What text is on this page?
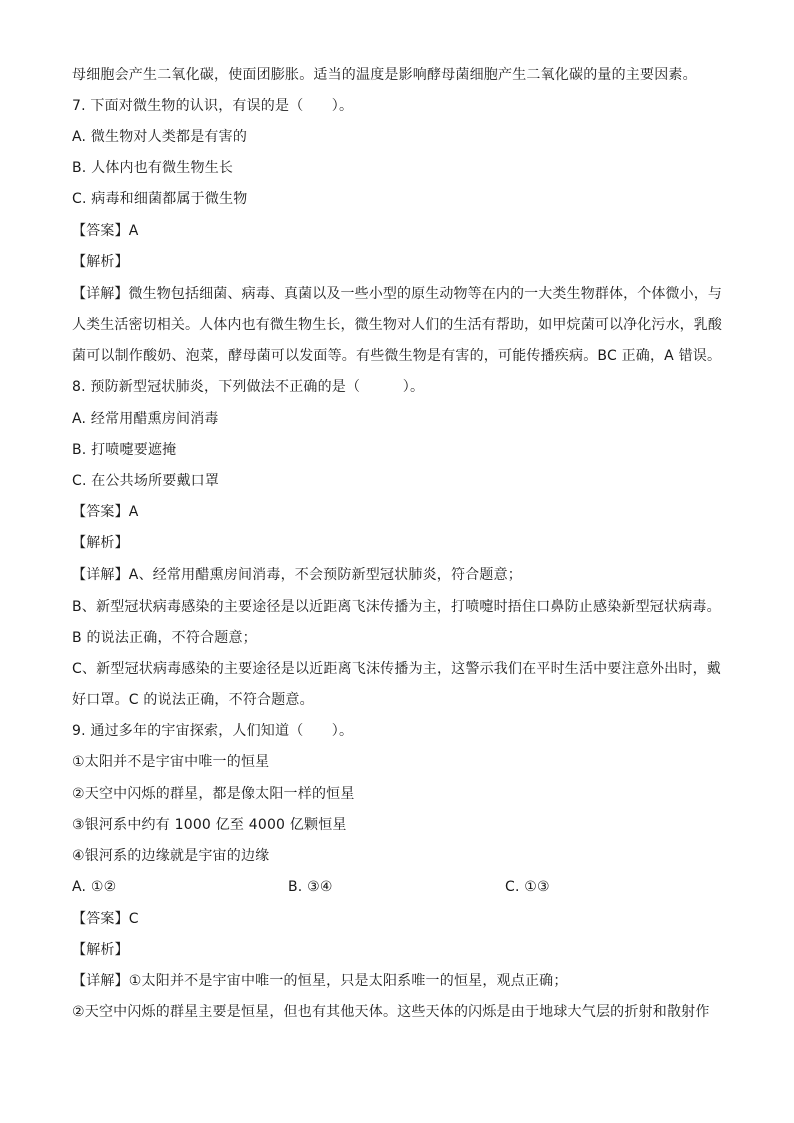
母细胞会产生二氧化碳，使面团膨胀。适当的温度是影响酵母菌细胞产生二氧化碳的量的主要因素。
7. 下面对微生物的认识，有误的是（　　）。
A. 微生物对人类都是有害的
B. 人体内也有微生物生长
C. 病毒和细菌都属于微生物
【答案】A
【解析】
【详解】微生物包括细菌、病毒、真菌以及一些小型的原生动物等在内的一大类生物群体，个体微小，与
人类生活密切相关。人体内也有微生物生长，微生物对人们的生活有帮助，如甲烷菌可以净化污水，乳酸
菌可以制作酸奶、泡菜，酵母菌可以发面等。有些微生物是有害的，可能传播疾病。BC 正确，A 错误。
8. 预防新型冠状肺炎，下列做法不正确的是（　　　）。
A. 经常用醋熏房间消毒
B. 打喷嚏要遮掩
C. 在公共场所要戴口罩
【答案】A
【解析】
【详解】A、经常用醋熏房间消毒，不会预防新型冠状肺炎，符合题意；
B、新型冠状病毒感染的主要途径是以近距离飞沫传播为主，打喷嚏时捂住口鼻防止感染新型冠状病毒。
B 的说法正确，不符合题意；
C、新型冠状病毒感染的主要途径是以近距离飞沫传播为主，这警示我们在平时生活中要注意外出时，戴
好口罩。C 的说法正确，不符合题意。
9. 通过多年的宇宙探索，人们知道（　　）。
①太阳并不是宇宙中唯一的恒星
②天空中闪烁的群星，都是像太阳一样的恒星
③银河系中约有 1000 亿至 4000 亿颗恒星
④银河系的边缘就是宇宙的边缘
A. ①②	B. ③④	C. ①③
【答案】C
【解析】
【详解】①太阳并不是宇宙中唯一的恒星，只是太阳系唯一的恒星，观点正确；
②天空中闪烁的群星主要是恒星，但也有其他天体。这些天体的闪烁是由于地球大气层的折射和散射作
